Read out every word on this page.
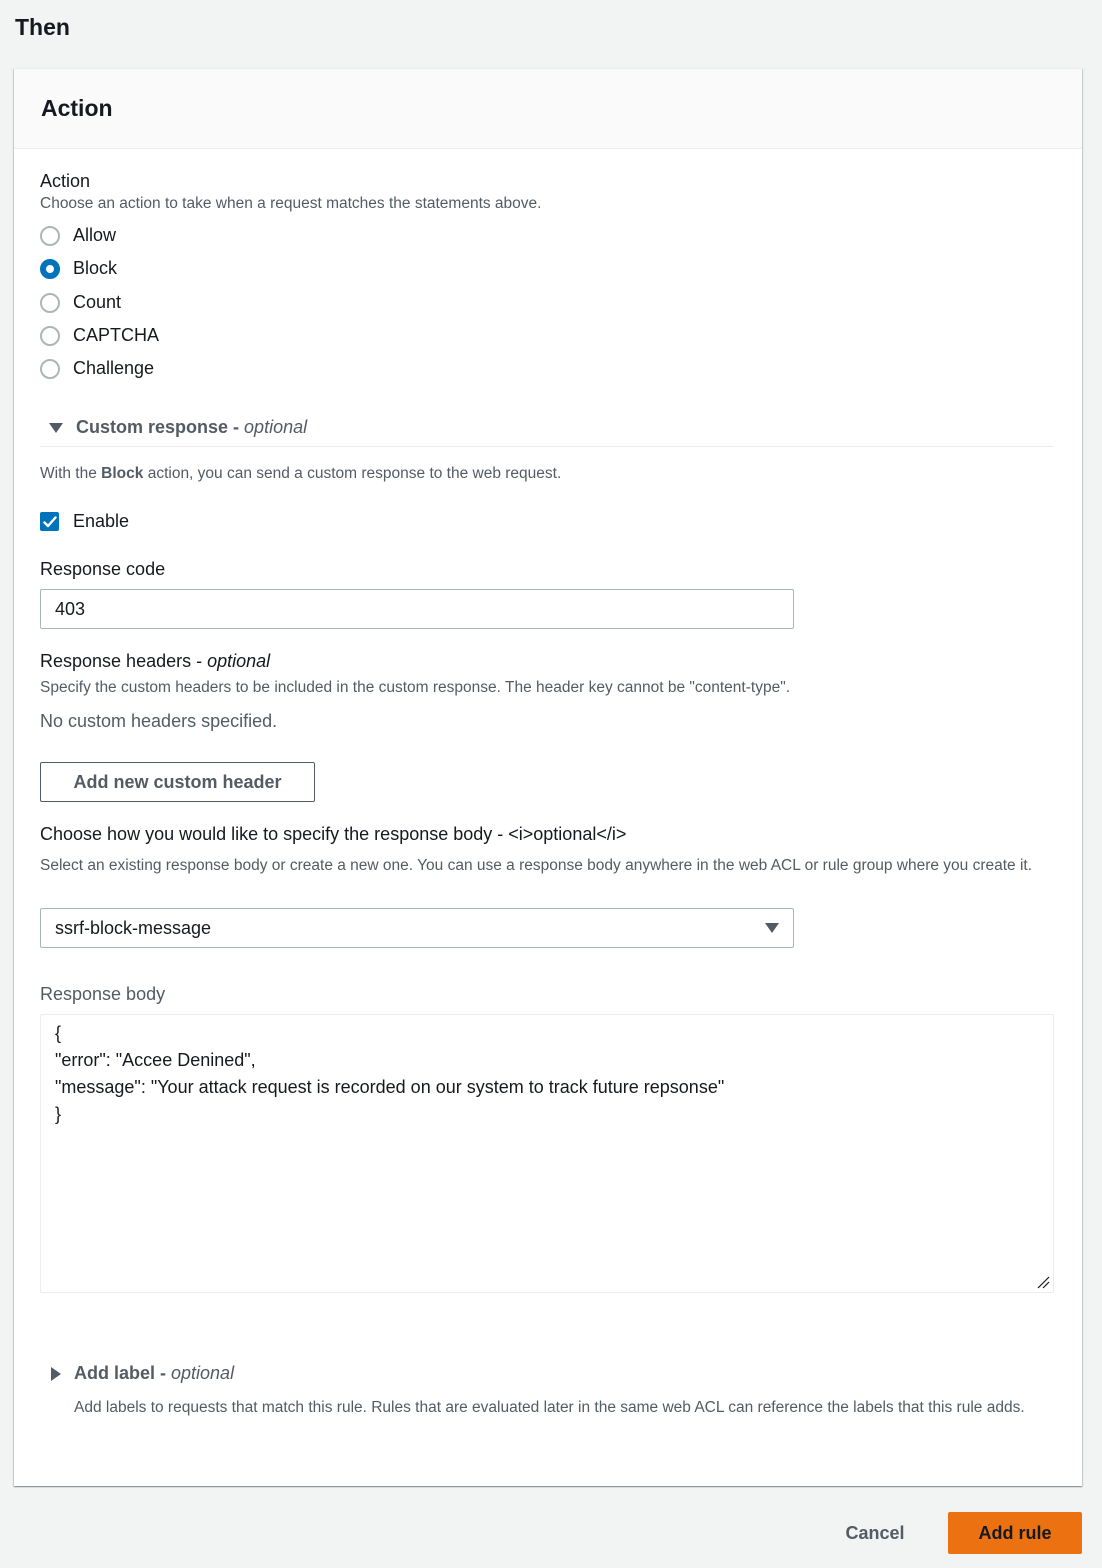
Then
Action
Action
Choose an action to take when a request matches the statements above.
Allow
Block
Count
CAPTCHA
Challenge
Custom response - optional
With the Block action, you can send a custom response to the web request.
Enable
Response code
403
Response headers - optional
Specify the custom headers to be included in the custom response. The header key cannot be "content-type".
No custom headers specified.
Add new custom header
Choose how you would like to specify the response body - <i>optional</i>
Select an existing response body or create a new one. You can use a response body anywhere in the web ACL or rule group where you create it.
ssrf-block-message
Response body
{
"error": "Accee Denined",
"message": "Your attack request is recorded on our system to track future repsonse"
}
Add label - optional
Add labels to requests that match this rule. Rules that are evaluated later in the same web ACL can reference the labels that this rule adds.
Cancel	Add rule
